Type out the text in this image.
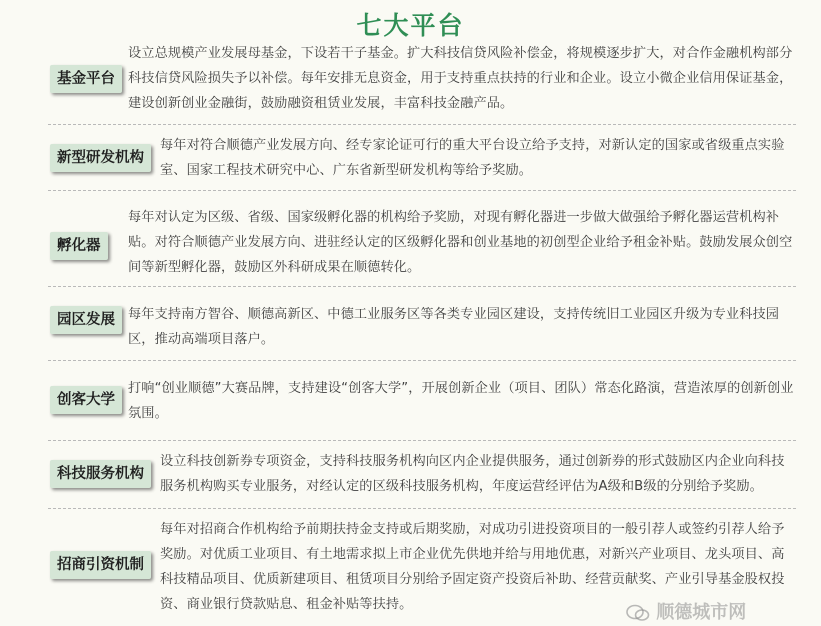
七大平台
基金平台
设立总规模产业发展母基金，下设若干子基金。扩大科技信贷风险补偿金，将规模逐步扩大，对合作金融机构部分科技信贷风险损失予以补偿。每年安排无息资金，用于支持重点扶持的行业和企业。设立小微企业信用保证基金，建设创新创业金融街，鼓励融资租赁业发展，丰富科技金融产品。
新型研发机构
每年对符合顺德产业发展方向、经专家论证可行的重大平台设立给予支持，对新认定的国家或省级重点实验室、国家工程技术研究中心、广东省新型研发机构等给予奖励。
孵化器
每年对认定为区级、省级、国家级孵化器的机构给予奖励，对现有孵化器进一步做大做强给予孵化器运营机构补贴。对符合顺德产业发展方向、进驻经认定的区级孵化器和创业基地的初创型企业给予租金补贴。鼓励发展众创空间等新型孵化器，鼓励区外科研成果在顺德转化。
园区发展 每年支持南方智谷、顺德高新区、中德工业服务区等各类专业园区建设，支持传统旧工业园区升级为专业科技园区，推动高端项目落户。
创客大学
打响“创业顺德”大赛品牌，支持建设“创客大学”，开展创新企业（项目、团队）常态化路演，营造浓厚的创新创业氛围。
科技服务机构
设立科技创新券专项资金，支持科技服务机构向区内企业提供服务，通过创新券的形式鼓励区内企业向科技服务机构购买专业服务，对经认定的区级科技服务机构，年度运营经评估为A级和B级的分别给予奖励。
招商引资机制
每年对招商合作机构给予前期扶持金支持或后期奖励，对成功引进投资项目的一般引荐人或签约引荐人给予奖励。对优质工业项目、有土地需求拟上市企业优先供地并给与用地优惠，对新兴产业项目、龙头项目、高科技精品项目、优质新建项目、租赁项目分别给予固定资产投资后补助、经营贡献奖、产业引导基金股权投资、商业银行贷款贴息、租金补贴等扶持。	顺德城市网
